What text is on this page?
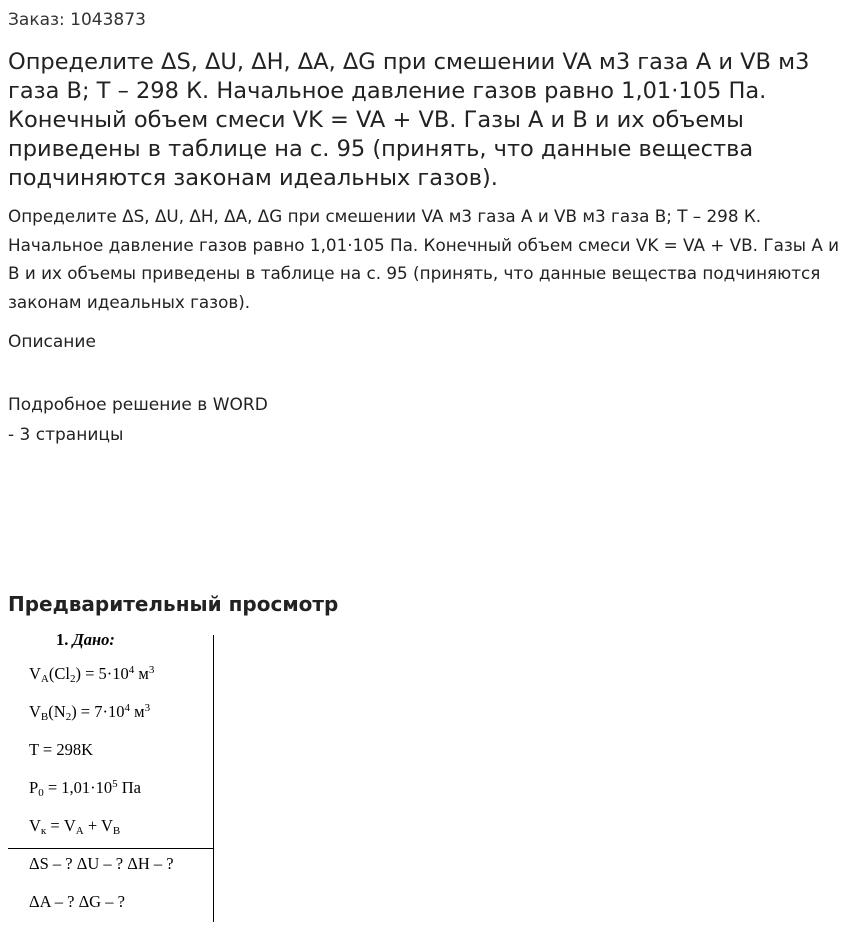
Заказ: 1043873
Определите ΔS, ΔU, ΔH, ΔA, ΔG при смешении VA м3 газа A и VB м3 газа B; T – 298 К. Начальное давление газов равно 1,01·105 Па. Конечный объем смеси VK = VA + VB. Газы A и B и их объемы приведены в таблице на с. 95 (принять, что данные вещества подчиняются законам идеальных газов).

Определите ΔS, ΔU, ΔH, ΔA, ΔG при смешении VA м3 газа A и VB м3 газа B; T – 298 К. Начальное давление газов равно 1,01·105 Па. Конечный объем смеси VK = VA + VB. Газы A и B и их объемы приведены в таблице на с. 95 (принять, что данные вещества подчиняются законам идеальных газов).

Описание
Подробное решение в WORD - 3 страницы
Предварительный просмотр
1. Дано:
$V_A(Cl_2) = 5\cdot 10^4$ $м^3$
$V_B(N_2) = 7\cdot 10^4$ $м^3$
T = 298K
$P_0 = 1,01\cdot 10^5$ Па
$V_к = V_A + V_B$
ΔS – ? ΔU – ? ΔH – ?
ΔA – ? ΔG – ?
